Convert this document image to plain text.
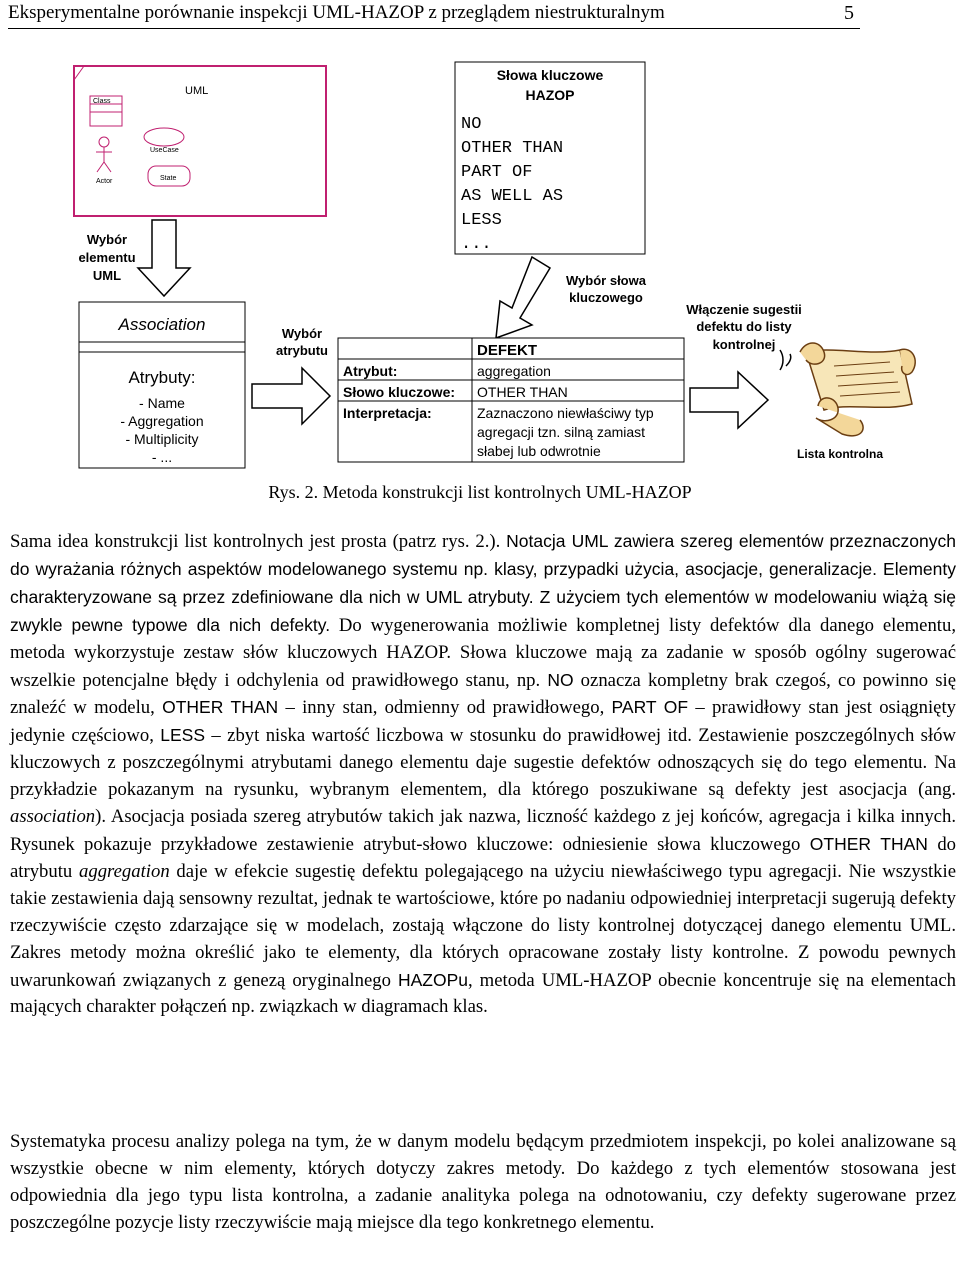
Eksperymentalne porównanie inspekcji UML-HAZOP z przeglądem niestrukturalnym	5
UML
Class
UseCase
Actor	State
Wybór
elementu
UML
Słowa kluczowe
HAZOP
NO
OTHER THAN
PART OF
AS WELL AS
LESS
...
Wybór słowa
kluczowego
Association
Atrybuty:
- Name
- Aggregation
- Multiplicity
- ...
Wybór
atrybutu	DEFEKT
Atrybut:	aggregation
Słowo kluczowe: OTHER THAN
Interpretacja:	Zaznaczono niewłaściwy typ
agregacji tzn. silną zamiast
słabej lub odwrotnie
Włączenie sugestii
defektu do listy
kontrolnej
Lista kontrolna
Rys. 2. Metoda konstrukcji list kontrolnych UML-HAZOP
Sama idea konstrukcji list kontrolnych jest prosta (patrz rys. 2.). Notacja UML zawiera szereg elementów przeznaczonych do wyrażania różnych aspektów modelowanego systemu np. klasy, przypadki użycia, asocjacje, generalizacje. Elementy charakteryzowane są przez zdefiniowane dla nich w UML atrybuty. Z użyciem tych elementów w modelowaniu wiążą się zwykle pewne typowe dla nich defekty. Do wygenerowania możliwie kompletnej listy defektów dla danego elementu, metoda wykorzystuje zestaw słów kluczowych HAZOP. Słowa kluczowe mają za zadanie w sposób ogólny sugerować wszelkie potencjalne błędy i odchylenia od prawidłowego stanu, np. NO oznacza kompletny brak czegoś, co powinno się znaleźć w modelu, OTHER THAN – inny stan, odmienny od prawidłowego, PART OF – prawidłowy stan jest osiągnięty jedynie częściowo, LESS – zbyt niska wartość liczbowa w stosunku do prawidłowej itd. Zestawienie poszczególnych słów kluczowych z poszczególnymi atrybutami danego elementu daje sugestie defektów odnoszących się do tego elementu. Na przykładzie pokazanym na rysunku, wybranym elementem, dla którego poszukiwane są defekty jest asocjacja (ang. association). Asocjacja posiada szereg atrybutów takich jak nazwa, liczność każdego z jej końców, agregacja i kilka innych. Rysunek pokazuje przykładowe zestawienie atrybut-słowo kluczowe: odniesienie słowa kluczowego OTHER THAN do atrybutu aggregation daje w efekcie sugestię defektu polegającego na użyciu niewłaściwego typu agregacji. Nie wszystkie takie zestawienia dają sensowny rezultat, jednak te wartościowe, które po nadaniu odpowiedniej interpretacji sugerują defekty rzeczywiście często zdarzające się w modelach, zostają włączone do listy kontrolnej dotyczącej danego elementu UML. Zakres metody można określić jako te elementy, dla których opracowane zostały listy kontrolne. Z powodu pewnych uwarunkowań związanych z genezą oryginalnego HAZOPu, metoda UML-HAZOP obecnie koncentruje się na elementach mających charakter połączeń np. związkach w diagramach klas.
Systematyka procesu analizy polega na tym, że w danym modelu będącym przedmiotem inspekcji, po kolei analizowane są wszystkie obecne w nim elementy, których dotyczy zakres metody. Do każdego z tych elementów stosowana jest odpowiednia dla jego typu lista kontrolna, a zadanie analityka polega na odnotowaniu, czy defekty sugerowane przez poszczególne pozycje listy rzeczywiście mają miejsce dla tego konkretnego elementu.
